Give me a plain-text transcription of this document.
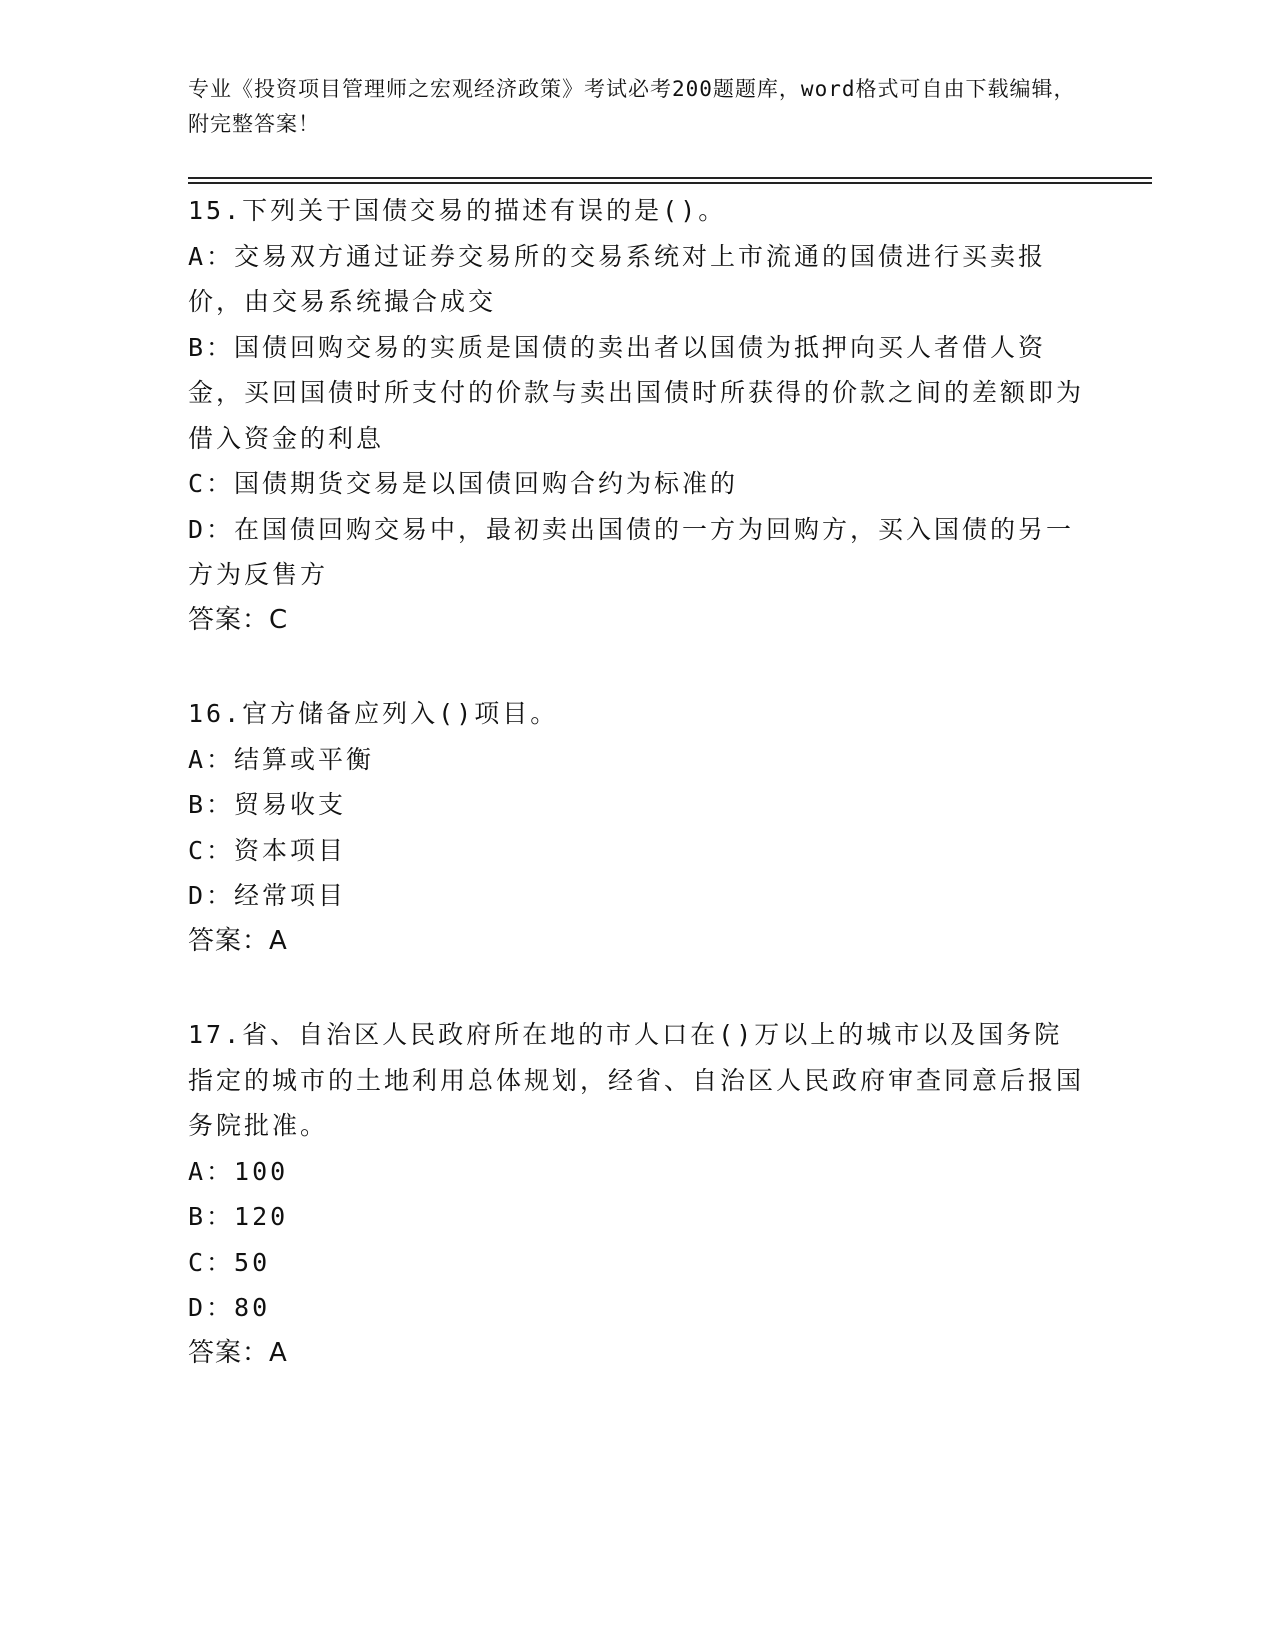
专业《投资项目管理师之宏观经济政策》考试必考200题题库，word格式可自由下载编辑，附完整答案！

15.下列关于国债交易的描述有误的是()。

A：交易双方通过证券交易所的交易系统对上市流通的国债进行买卖报价，由交易系统撮合成交

B：国债回购交易的实质是国债的卖出者以国债为抵押向买人者借人资金，买回国债时所支付的价款与卖出国债时所获得的价款之间的差额即为借入资金的利息

C：国债期货交易是以国债回购合约为标准的

D：在国债回购交易中，最初卖出国债的一方为回购方，买入国债的另一方为反售方

答案：C

16.官方储备应列入()项目。

A：结算或平衡

B：贸易收支

C：资本项目

D：经常项目

答案：A

17.省、自治区人民政府所在地的市人口在()万以上的城市以及国务院指定的城市的土地利用总体规划，经省、自治区人民政府审查同意后报国务院批准。

A：100

B：120

C：50

D：80

答案：A
